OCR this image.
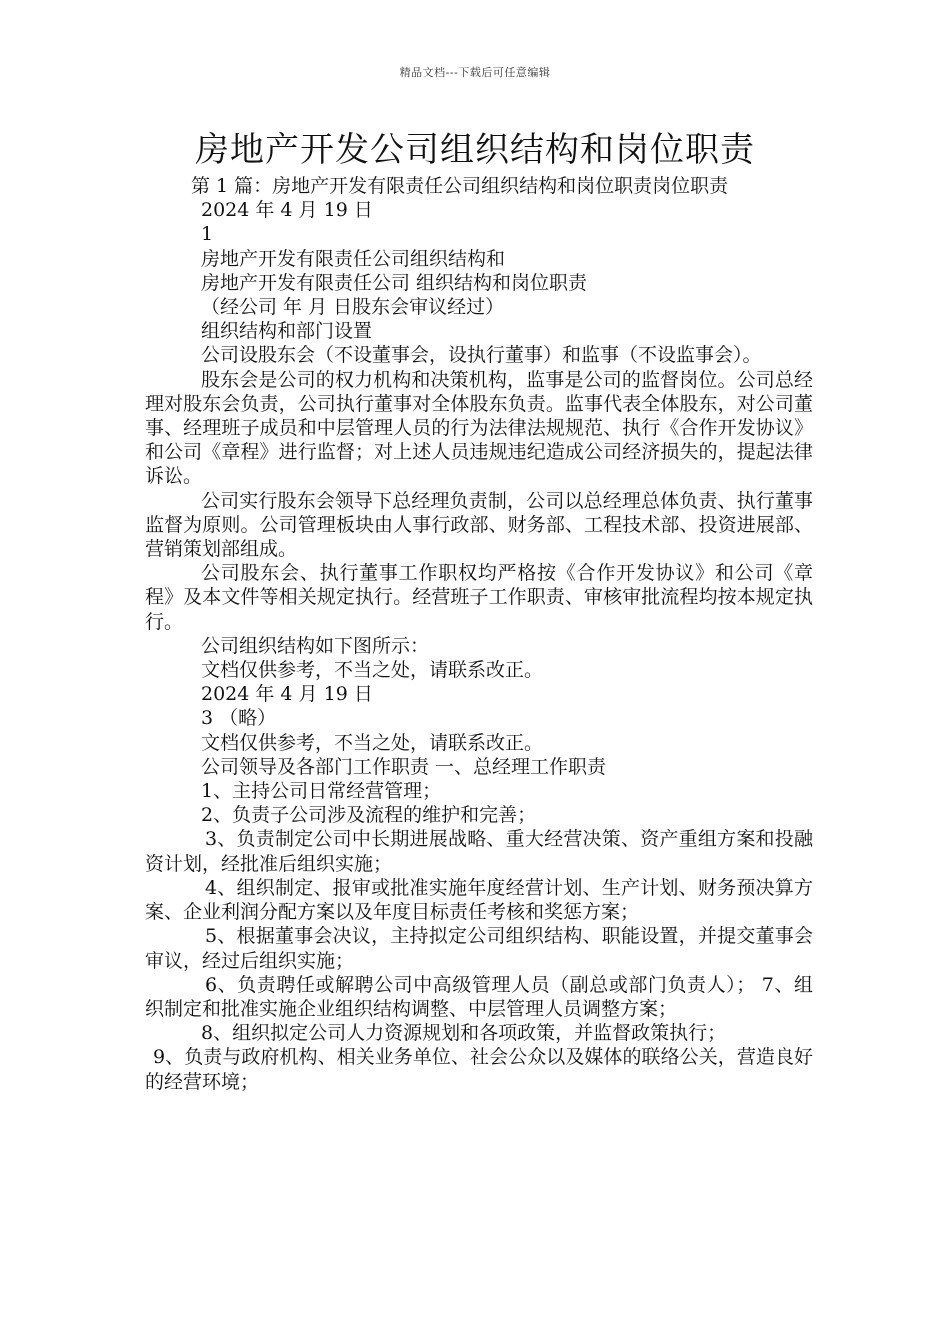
精品文档---下载后可任意编辑
房地产开发公司组织结构和岗位职责

第 1 篇：房地产开发有限责任公司组织结构和岗位职责岗位职责

2024 年 4 月 19 日

1

房地产开发有限责任公司组织结构和

房地产开发有限责任公司 组织结构和岗位职责

（经公司 年 月 日股东会审议经过）

组织结构和部门设置

公司设股东会（不设董事会，设执行董事）和监事（不设监事会）。

股东会是公司的权力机构和决策机构，监事是公司的监督岗位。公司总经理对股东会负责，公司执行董事对全体股东负责。监事代表全体股东，对公司董事、经理班子成员和中层管理人员的行为法律法规规范、执行《合作开发协议》和公司《章程》进行监督；对上述人员违规违纪造成公司经济损失的，提起法律诉讼。

公司实行股东会领导下总经理负责制，公司以总经理总体负责、执行董事监督为原则。公司管理板块由人事行政部、财务部、工程技术部、投资进展部、营销策划部组成。

公司股东会、执行董事工作职权均严格按《合作开发协议》和公司《章程》及本文件等相关规定执行。经营班子工作职责、审核审批流程均按本规定执行。

公司组织结构如下图所示：

文档仅供参考，不当之处，请联系改正。

2024 年 4 月 19 日

3 （略）

文档仅供参考，不当之处，请联系改正。

公司领导及各部门工作职责 一、总经理工作职责

1、主持公司日常经营管理；

2、负责子公司涉及流程的维护和完善；

3、负责制定公司中长期进展战略、重大经营决策、资产重组方案和投融资计划，经批准后组织实施；

4、组织制定、报审或批准实施年度经营计划、生产计划、财务预决算方案、企业利润分配方案以及年度目标责任考核和奖惩方案；

5、根据董事会决议，主持拟定公司组织结构、职能设置，并提交董事会审议，经过后组织实施；

6、负责聘任或解聘公司中高级管理人员（副总或部门负责人）； 7、组织制定和批准实施企业组织结构调整、中层管理人员调整方案；

8、组织拟定公司人力资源规划和各项政策，并监督政策执行；

9、负责与政府机构、相关业务单位、社会公众以及媒体的联络公关，营造良好的经营环境；
